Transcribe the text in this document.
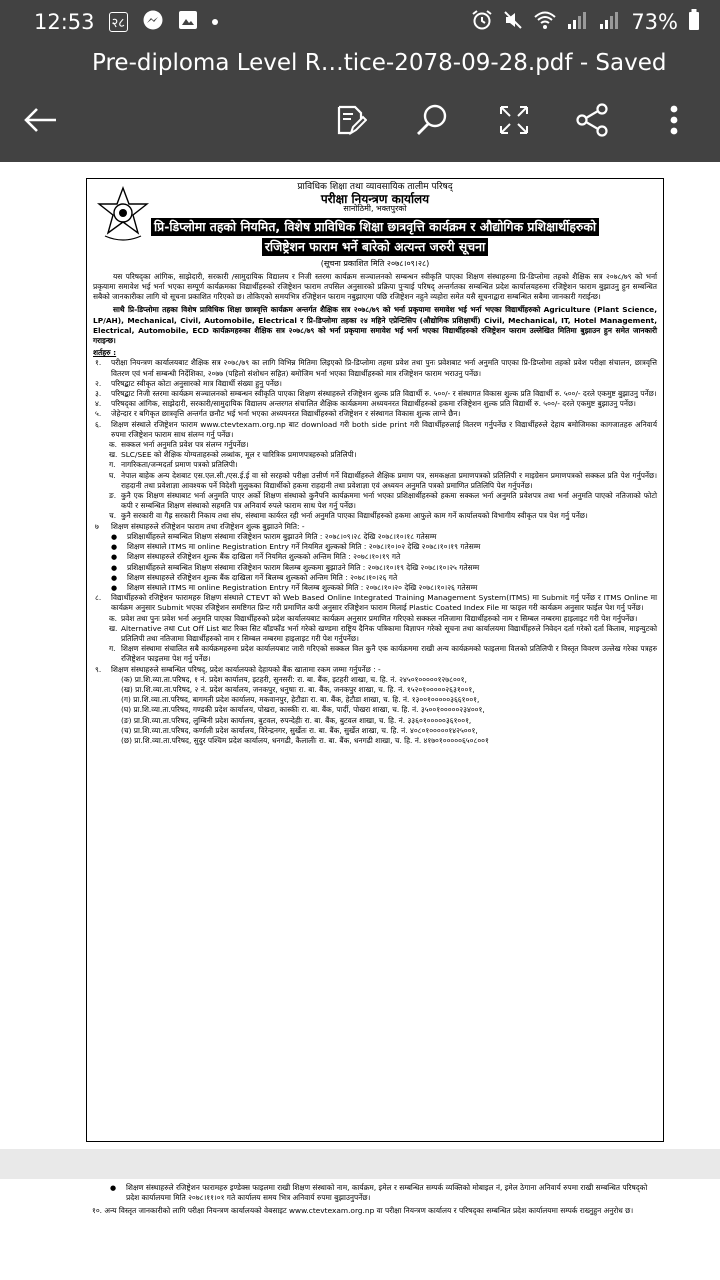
12:53 २८	73%
Pre-diploma Level R…tice-2078-09-28.pdf - Saved
प्राविधिक शिक्षा तथा व्यावसायिक तालीम परिषद्
परीक्षा नियन्त्रण कार्यालय
सानोठिमी, भक्तपुरको
प्रि-डिप्लोमा तहको नियमित, विशेष प्राविधिक शिक्षा छात्रवृत्ति कार्यक्रम र औद्योगिक प्रशिक्षार्थीहरुको
रजिष्ट्रेशन फाराम भर्ने बारेको अत्यन्त जरुरी सूचना
(सूचना प्रकाशित मिति २०७८।०९।२८)
यस परिषद्का आंगिक, साझेदारी, सरकारी /सामुदायिक विद्यालय र निजी स्तरमा कार्यक्रम सञ्चालनको सम्बन्धन स्वीकृति पाएका शिक्षण संस्थाहरुमा प्रि-डिप्लोमा तहको शैक्षिक सत्र २०७८/७९ को भर्ना प्रकृयामा समावेश भई भर्ना भएका सम्पूर्ण कार्यक्रमका विद्यार्थीहरुको रजिष्ट्रेशन फाराम तपसिल अनुसारको प्रक्रिया पुऱ्याई परिषद् अन्तर्गतका सम्बन्धित प्रदेश कार्यालयहरुमा रजिष्ट्रेशन फाराम बुझाउनु हुन सम्बन्धित सबैको जानकारीका लागि यो सूचना प्रकाशित गरिएको छ। तोकिएको समयभित्र रजिष्ट्रेशन फाराम नबुझाएमा पछि रजिष्ट्रेशन नहुने व्यहोरा समेत यसै सूचनाद्वारा सम्बन्धित सबैमा जानकारी गराईन्छ।
साथै प्रि-डिप्लोमा तहका विशेष प्राविधिक शिक्षा छात्रवृत्ति कार्यक्रम अन्तर्गत शैक्षिक सत्र २०७८/७९ को भर्ना प्रकृयामा समावेश भई भर्ना भएका विद्यार्थीहरुको Agriculture (Plant Science, LP/AH), Mechanical, Civil, Automobile, Electrical र प्रि-डिप्लोमा तहका २४ महिने एप्रेन्टिसिप (औद्योगिक प्रशिक्षार्थी) Civil, Mechanical, IT, Hotel Management, Electrical, Automobile, ECD कार्यक्रमहरुका शैक्षिक सत्र २०७८/७९ को भर्ना प्रकृयामा समावेश भई भर्ना भएका विद्यार्थीहरुको रजिष्ट्रेशन फाराम उल्लेखित मितिमा बुझाउन हुन समेत जानकारी गराइन्छ।
शर्तहरु :
१. परीक्षा नियन्त्रण कार्यालयबाट शैक्षिक सत्र २०७८/७९ का लागि विभिन्न मितिमा लिइएको प्रि-डिप्लोमा तहमा प्रवेश तथा पुनः प्रवेशबाट भर्ना अनुमति पाएका प्रि-डिप्लोमा तहको प्रवेश परीक्षा संचालन, छात्रवृत्ति वितरण एवं भर्ना सम्बन्धी निर्देशिका, २०७७ (पहिलो संशोधन सहित) बमोजिम भर्ना भएका विद्यार्थीहरुको मात्र रजिष्ट्रेशन फाराम भराउनु पर्नेछ।
२. परिषद्बाट स्वीकृत कोटा अनुसारको मात्र विद्यार्थी संख्या हुनु पर्नेछ।
३. परिषद्बाट निजी स्तरमा कार्यक्रम सञ्चालनको सम्बन्धन स्वीकृति पाएका शिक्षण संस्थाहरुले रजिष्ट्रेशन शुल्क प्रति विद्यार्थी रु. ५००/- र संस्थागत विकास शुल्क प्रति विद्यार्थी रु. ५००/- दरले एकमुष्ट बुझाउनु पर्नेछ।
४. परिषद्का आंगिक, साझेदारी, सरकारी/सामुदायिक विद्यालय अन्तरगत संचालित शैक्षिक कार्यक्रममा अध्ययनरत विद्यार्थीहरुको हकमा रजिष्ट्रेशन शुल्क प्रति विद्यार्थी रु. ५००/- दरले एकमुष्ट बुझाउनु पर्नेछ।
५. जेहेन्दार र बगिकृत छात्रवृत्ति अन्तर्गत छनौट भई भर्ना भएका अध्ययनरत विद्यार्थीहरुको रजिष्ट्रेशन र संस्थागत विकास शुल्क लाग्ने छैन।
६. शिक्षण संस्थाले रजिष्ट्रेशन फाराम www.ctevtexam.org.np बाट download गरी both side print गरी विद्यार्थीहरुलाई वितरण गर्नुपर्नेछ र विद्यार्थीहरुले देहाय बमोजिमका कागजातहरु अनिवार्य रुपमा रजिष्ट्रेशन फाराम साथ संलग्न गर्नु पर्नेछ।
क. सक्कल भर्ना अनुमति प्रवेश पत्र संलग्न गर्नुपर्नेछ।
ख. SLC/SEE को शैक्षिक योग्यताहरुको लब्धांक, मूल र चारित्रिक प्रमाणपत्रहरुको प्रतिलिपी।
ग. नागरिकता/जन्मदर्ता प्रमाण पत्रको प्रतिलिपी।
घ. नेपाल बाहेक अन्य देशबाट एस.एल.सी./एस.ई.ई वा सो सरहको परीक्षा उत्तीर्ण गर्ने विद्यार्थीहरुले शैक्षिक प्रमाण पत्र, समकक्षता प्रमाणपत्रको प्रतिलिपी र माइग्रेसन प्रमाणपत्रको सक्कल प्रति पेश गर्नुपर्नेछ। राहदानी तथा प्रवेशाज्ञा आवश्यक पर्ने विदेशी मुलुकका विद्यार्थीको हकमा राहदानी तथा प्रवेशाज्ञा एवं अध्ययन अनुमति पत्रको प्रमाणित प्रतिलिपि पेश गर्नुपर्नेछ।
ङ. कुनै एक शिक्षण संस्थाबाट भर्ना अनुमति पाएर अर्को शिक्षण संस्थाको कुनैपनि कार्यक्रममा भर्ना भएका प्रशिक्षार्थीहरुको हकमा सक्कल भर्ना अनुमति प्रवेशपत्र तथा भर्ना अनुमति पाएको नतिजाको फोटो कपी र सम्बन्धित शिक्षण संस्थाको सहमति पत्र अनिवार्य रुपले फाराम साथ पेश गर्नु पर्नेछ।
च. कुनै सरकारी वा गैह्र सरकारी निकाय तथा संघ, संस्थामा कार्यरत रही भर्ना अनुमति पाएका विद्यार्थीहरुको हकमा आफुले काम गर्ने कार्यालयको विभागीय स्वीकृत पत्र पेश गर्नु पर्नेछ।
७ शिक्षण संस्थाहरुले रजिष्ट्रेशन फाराम तथा रजिष्ट्रेशन शुल्क बुझाउने मिति: -
● प्रशिक्षार्थीहरुले सम्बन्धित शिक्षण संस्थामा रजिष्ट्रेशन फाराम बुझाउने मिति : २०७८।०९।२८ देखि २०७८।१०।१८ गतेसम्म
● शिक्षण संस्थाले ITMS मा online Registration Entry गर्ने नियमित शुल्कको मिति : २०७८।१०।०२ देखि २०७८।१०।१९ गतेसम्म
● शिक्षण संस्थाहरुले रजिष्ट्रेशन शुल्क बैंक दाखिला गर्ने नियमित शुल्कको अन्तिम मिति : २०७८।१०।१९ गते
● प्रशिक्षार्थीहरुले सम्बन्धित शिक्षण संस्थामा रजिष्ट्रेशन फाराम बिलम्ब शुल्कमा बुझाउने मिति : २०७८।१०।१९ देखि २०७८।१०।२५ गतेसम्म
● शिक्षण संस्थाहरुले रजिष्ट्रेशन शुल्क बैंक दाखिला गर्ने बिलम्ब शुल्कको अन्तिम मिति : २०७८।१०।२६ गते
● शिक्षण संस्थाले ITMS मा online Registration Entry गर्ने बिलम्ब शुल्कको मिति : २०७८।१०।२० देखि २०७८।१०।२६ गतेसम्म
८. विद्यार्थीहरुको रजिष्ट्रेशन फारामहरु शिक्षण संस्थाले CTEVT को Web Based Online Integrated Training Management System(ITMS) मा Submit गर्नु पर्नेछ र ITMS Online मा कार्यक्रम अनुसार Submit भएका रजिष्ट्रेशन समष्टिगत प्रिन्ट गरी प्रमाणित कपी अनुसार रजिष्ट्रेशन फाराम मिलाई Plastic Coated Index File मा फाइल गरी कार्यक्रम अनुसार फाईल पेश गर्नु पर्नेछ।
क. प्रवेश तथा पुनः प्रवेश भर्ना अनुमति पाएका विद्यार्थीहरुको प्रदेश कार्यालयबाट कार्यक्रम अनुसार प्रमाणित गरिएको सक्कल नतिजामा विद्यार्थीहरुको नाम र सिम्बल नम्बरमा हाइलाइट गरी पेश गर्नुपर्नेछ।
ख. Alternative तथा Cut Off List बाट रिक्त सिट बाँडफाँड भर्ना गरेको खण्डमा राष्ट्रिय दैनिक पत्रिकामा विज्ञापन गरेको सूचना तथा कार्यालयमा विद्यार्थीहरुले निवेदन दर्ता गरेको दर्ता किताब, माइन्युटको प्रतिलिपी तथा नतिजामा विद्यार्थीहरुको नाम र सिम्बल नम्बरमा हाइलाइट गरी पेश गर्नुपर्नेछ।
ग. शिक्षण संस्थामा संचालित सबै कार्यक्रमहरुमा प्रदेश कार्यालयबाट जारी गरिएको सक्कल विल कुनै एक कार्यक्रममा राखी अन्य कार्यक्रमको फाइलमा विलको प्रतिलिपी र विस्तृत विवरण उल्लेख गरेका पत्रहरु रजिष्ट्रेशन फाइलमा पेश गर्नु पर्नेछ।
९. शिक्षण संस्थाहरुले सम्बन्धित परिषद्, प्रदेश कार्यालयको देहायको बैंक खातामा रकम जम्मा गर्नुपर्नेछ : -
(क) प्रा.शि.व्या.ता.परिषद, १ नं. प्रदेश कार्यालय, इटहरी, सुनसरी: रा. बा. बैंक, इटहरी शाखा, च. हि. नं. २४५०१०००००१२७८००१,
(ख) प्रा.शि.व्या.ता.परिषद, २ नं. प्रदेश कार्यालय, जनकपुर, धनुषाः रा. बा. बैंक, जनकपुर शाखा, च. हि. नं. १५२०१०००००२६३१००१,
(ग) प्रा.शि.व्या.ता.परिषद, बागमती प्रदेश कार्यालय, मकवानपुर, हेटौडाः रा. बा. बैंक, हेटौडा शाखा, च. हि. नं. १३००१०००००३६६१००१,
(घ) प्रा.शि.व्या.ता.परिषद, गण्डकी प्रदेश कार्यालय, पोखरा, कास्कीः रा. बा. बैंक, पार्दी, पोखरा शाखा, च. हि. नं. ३५००१०००००२३४००१,
(ङ) प्रा.शि.व्या.ता.परिषद, लुम्बिनी प्रदेश कार्यालय, बुटवल, रुपन्देहीः रा. बा. बैंक, बुटवल शाखा, च. हि. नं. ३३६०१०००००३६१००१,
(च) प्रा.शि.व्या.ता.परिषद, कर्णाली प्रदेश कार्यालय, विरेन्द्रनगर, सुर्खेतः रा. बा. बैंक, सुर्खेत शाखा, च. हि. नं. ४०८०१०००००१४२५००१,
(छ) प्रा.शि.व्या.ता.परिषद, सुदुर पश्चिम प्रदेश कार्यालय, धनगढी, कैलालीः रा. बा. बैंक, धनगढी शाखा, च. हि. नं. ४१७०१०००००६५०८००१
● शिक्षण संस्थाहरुले रजिष्ट्रेशन फारामहरु इण्डेक्स फाइलमा राखी शिक्षण संस्थाको नाम, कार्यक्रम, इमेल र सम्बन्धित सम्पर्क व्यक्तिको मोबाइल नं, इमेल ठेगाना अनिवार्य रुपमा राखी सम्बन्धित परिषद्को प्रदेश कार्यालयमा मिति २०७८।११।०१ गते कार्यालय समय भित्र अनिवार्य रुपमा बुझाउनुपर्नेछ।
१०. अन्य विस्तृत जानकारीको लागि परीक्षा नियन्त्रण कार्यालयको वेबसाइट www.ctevtexam.org.np वा परीक्षा नियन्त्रण कार्यालय र परिषद्का सम्बन्धित प्रदेश कार्यालयमा सम्पर्क राख्नुहुन अनुरोध छ।
